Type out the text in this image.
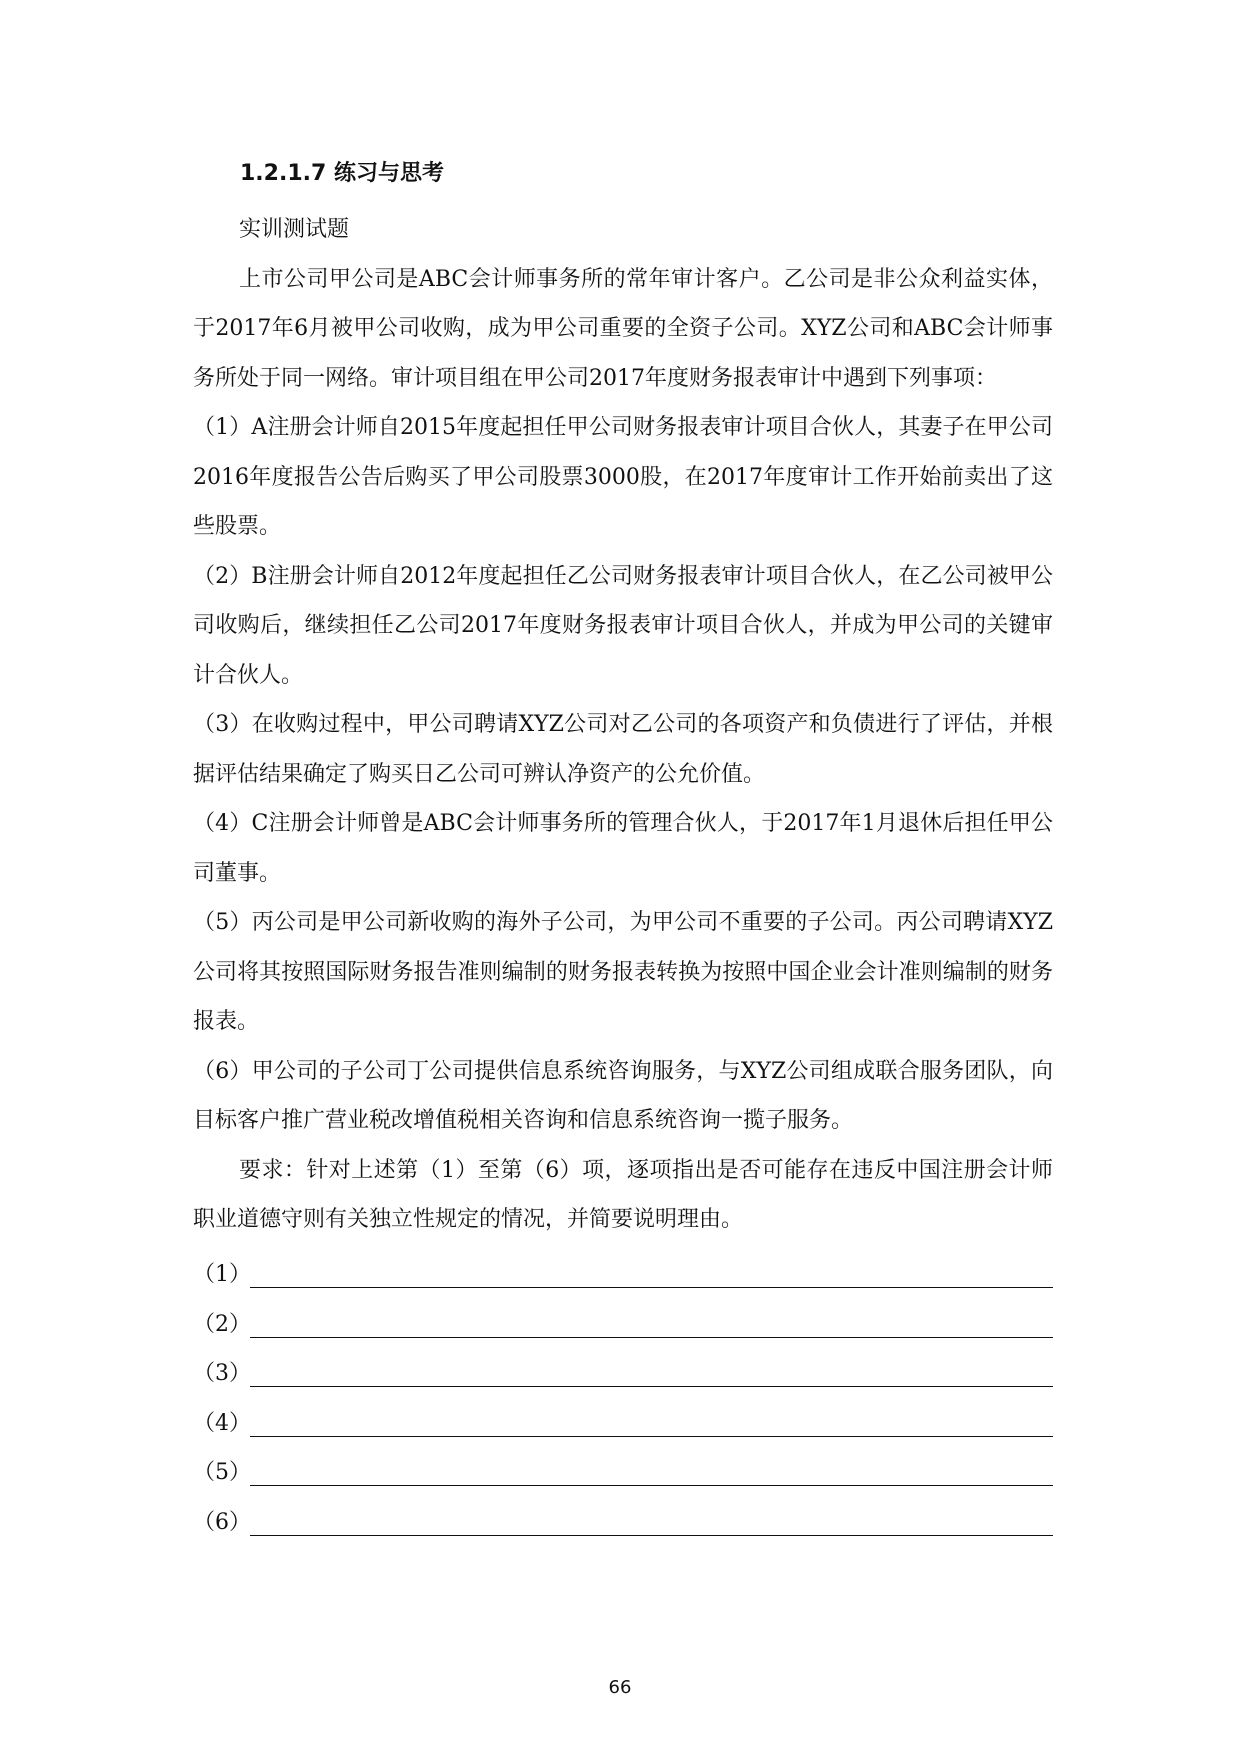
1.2.1.7 练习与思考

实训测试题

上市公司甲公司是ABC会计师事务所的常年审计客户。乙公司是非公众利益实体，于2017年6月被甲公司收购，成为甲公司重要的全资子公司。XYZ公司和ABC会计师事务所处于同一网络。审计项目组在甲公司2017年度财务报表审计中遇到下列事项：

（1）A注册会计师自2015年度起担任甲公司财务报表审计项目合伙人，其妻子在甲公司2016年度报告公告后购买了甲公司股票3000股，在2017年度审计工作开始前卖出了这些股票。

（2）B注册会计师自2012年度起担任乙公司财务报表审计项目合伙人，在乙公司被甲公司收购后，继续担任乙公司2017年度财务报表审计项目合伙人，并成为甲公司的关键审计合伙人。

（3）在收购过程中，甲公司聘请XYZ公司对乙公司的各项资产和负债进行了评估，并根据评估结果确定了购买日乙公司可辨认净资产的公允价值。

（4）C注册会计师曾是ABC会计师事务所的管理合伙人，于2017年1月退休后担任甲公司董事。

（5）丙公司是甲公司新收购的海外子公司，为甲公司不重要的子公司。丙公司聘请XYZ公司将其按照国际财务报告准则编制的财务报表转换为按照中国企业会计准则编制的财务报表。

（6）甲公司的子公司丁公司提供信息系统咨询服务，与XYZ公司组成联合服务团队，向目标客户推广营业税改增值税相关咨询和信息系统咨询一揽子服务。

要求：针对上述第（1）至第（6）项，逐项指出是否可能存在违反中国注册会计师职业道德守则有关独立性规定的情况，并简要说明理由。

（1）
（2）
（3）
（4）
（5）
（6）
66
